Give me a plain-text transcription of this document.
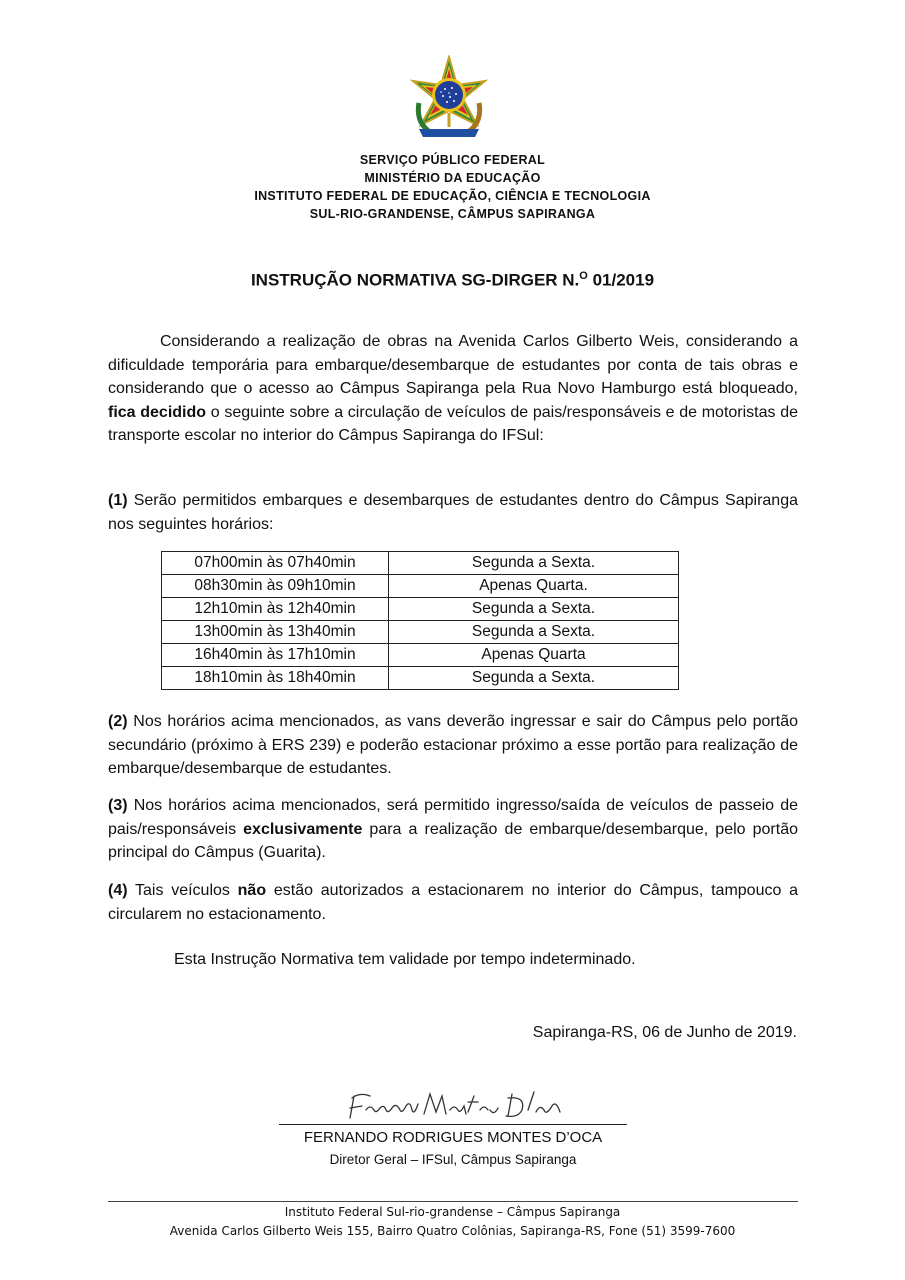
SERVIÇO PÚBLICO FEDERAL
MINISTÉRIO DA EDUCAÇÃO
INSTITUTO FEDERAL DE EDUCAÇÃO, CIÊNCIA E TECNOLOGIA
SUL-RIO-GRANDENSE, CÂMPUS SAPIRANGA
INSTRUÇÃO NORMATIVA SG-DIRGER N.$^O$ 01/2019
Considerando a realização de obras na Avenida Carlos Gilberto Weis, considerando a dificuldade temporária para embarque/desembarque de estudantes por conta de tais obras e considerando que o acesso ao Câmpus Sapiranga pela Rua Novo Hamburgo está bloqueado, fica decidido o seguinte sobre a circulação de veículos de pais/responsáveis e de motoristas de transporte escolar no interior do Câmpus Sapiranga do IFSul:
(1) Serão permitidos embarques e desembarques de estudantes dentro do Câmpus Sapiranga nos seguintes horários:
07h00min às 07h40min	Segunda a Sexta.
08h30min às 09h10min	Apenas Quarta.
12h10min às 12h40min	Segunda a Sexta.
13h00min às 13h40min	Segunda a Sexta.
16h40min às 17h10min	Apenas Quarta
18h10min às 18h40min	Segunda a Sexta.
(2) Nos horários acima mencionados, as vans deverão ingressar e sair do Câmpus pelo portão secundário (próximo à ERS 239) e poderão estacionar próximo a esse portão para realização de embarque/desembarque de estudantes.
(3) Nos horários acima mencionados, será permitido ingresso/saída de veículos de passeio de pais/responsáveis exclusivamente para a realização de embarque/desembarque, pelo portão principal do Câmpus (Guarita).
(4) Tais veículos não estão autorizados a estacionarem no interior do Câmpus, tampouco a circularem no estacionamento.
Esta Instrução Normativa tem validade por tempo indeterminado.
Sapiranga-RS, 06 de Junho de 2019.
FERNANDO RODRIGUES MONTES D’OCA
Diretor Geral – IFSul, Câmpus Sapiranga
Instituto Federal Sul-rio-grandense – Câmpus Sapiranga
Avenida Carlos Gilberto Weis 155, Bairro Quatro Colônias, Sapiranga-RS, Fone (51) 3599-7600
